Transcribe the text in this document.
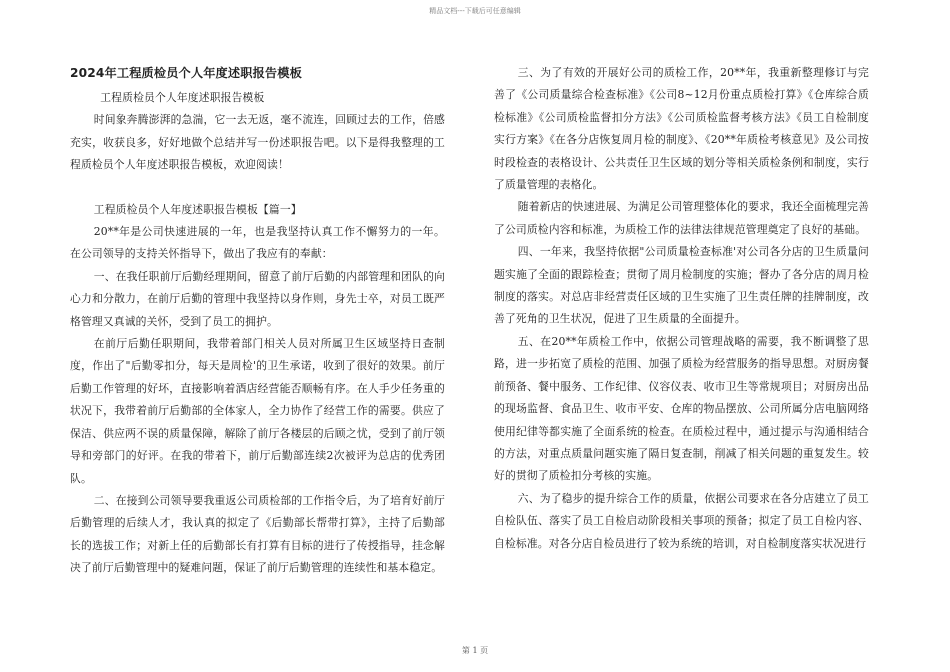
精品文档---下载后可任意编辑
2024年工程质检员个人年度述职报告模板

工程质检员个人年度述职报告模板

时间象奔腾澎湃的急湍，它一去无返，毫不流连，回顾过去的工作，倍感充实，收获良多，好好地做个总结并写一份述职报告吧。以下是得我整理的工程质检员个人年度述职报告模板，欢迎阅读！

工程质检员个人年度述职报告模板【篇一】

20**年是公司快速进展的一年，也是我坚持认真工作不懈努力的一年。在公司领导的支持关怀指导下，做出了我应有的奉献：

一、在我任职前厅后勤经理期间，留意了前厅后勤的内部管理和团队的向心力和分散力，在前厅后勤的管理中我坚持以身作则，身先士卒，对员工既严格管理又真诚的关怀，受到了员工的拥护。

在前厅后勤任职期间，我带着部门相关人员对所属卫生区域坚持日查制度，作出了"后勤零扣分，每天是周检'的卫生承诺，收到了很好的效果。前厅后勤工作管理的好坏，直接影响着酒店经营能否顺畅有序。在人手少任务重的状况下，我带着前厅后勤部的全体家人，全力协作了经营工作的需要。供应了保洁、供应两不误的质量保障，解除了前厅各楼层的后顾之忧，受到了前厅领导和旁部门的好评。在我的带着下，前厅后勤部连续2次被评为总店的优秀团队。

二、在接到公司领导要我重返公司质检部的工作指令后，为了培育好前厅后勤管理的后续人才，我认真的拟定了《后勤部长帮带打算》，主持了后勤部长的选拔工作；对新上任的后勤部长有打算有目标的进行了传授指导，挂念解决了前厅后勤管理中的疑难问题，保证了前厅后勤管理的连续性和基本稳定。

三、为了有效的开展好公司的质检工作，20**年，我重新整理修订与完善了《公司质量综合检查标准》《公司8~12月份重点质检打算》《仓库综合质检标准》《公司质检监督扣分方法》《公司质检监督考核方法》《员工自检制度实行方案》《在各分店恢复周月检的制度》、《20**年质检考核意见》及公司按时段检查的表格设计、公共责任卫生区域的划分等相关质检条例和制度，实行了质量管理的表格化。

随着新店的快速进展、为满足公司管理整体化的要求，我还全面梳理完善了公司质检内容和标准，为质检工作的法律法律规范管理奠定了良好的基础。

四、一年来，我坚持依据"公司质量检查标准'对公司各分店的卫生质量问题实施了全面的跟踪检查；贯彻了周月检制度的实施；督办了各分店的周月检制度的落实。对总店非经营责任区域的卫生实施了卫生责任牌的挂牌制度，改善了死角的卫生状况，促进了卫生质量的全面提升。

五、在20**年质检工作中，依据公司管理战略的需要，我不断调整了思路，进一步拓宽了质检的范围、加强了质检为经营服务的指导思想。对厨房餐前预备、餐中服务、工作纪律、仪容仪表、收市卫生等常规项目；对厨房出品的现场监督、食品卫生、收市平安、仓库的物品摆放、公司所属分店电脑网络使用纪律等都实施了全面系统的检查。在质检过程中，通过提示与沟通相结合的方法，对重点质量问题实施了隔日复查制，削减了相关问题的重复发生。较好的贯彻了质检扣分考核的实施。

六、为了稳步的提升综合工作的质量，依据公司要求在各分店建立了员工自检队伍、落实了员工自检启动阶段相关事项的预备；拟定了员工自检内容、自检标准。对各分店自检员进行了较为系统的培训，对自检制度落实状况进行

第 1 页
